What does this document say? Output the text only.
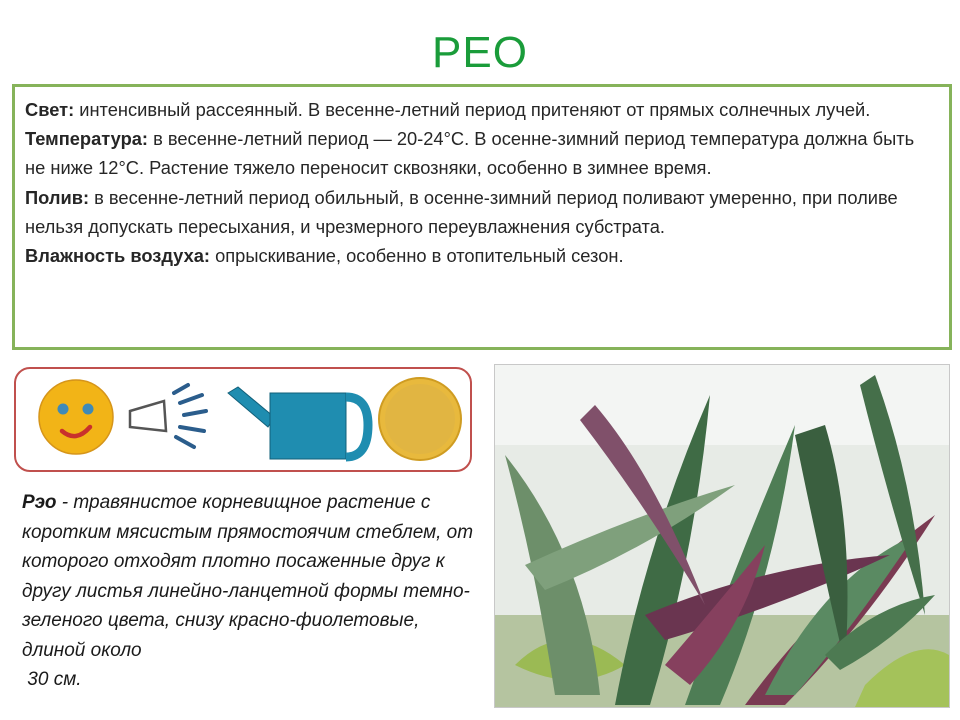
РЕО

Свет: интенсивный рассеянный. В весенне-летний период притеняют от прямых солнечных лучей.

Температура: в весенне-летний период — 20-24°С. В осенне-зимний период температура должна быть не ниже 12°С. Растение тяжело переносит сквозняки, особенно в зимнее время.

Полив: в весенне-летний период обильный, в осенне-зимний период поливают умеренно, при поливе нельзя допускать пересыхания, и чрезмерного переувлажнения субстрата.

Влажность воздуха: опрыскивание, особенно в отопительный сезон.

Рэо - травянистое корневищное растение с коротким мясистым прямостоячим стеблем, от которого отходят плотно посаженные друг к другу листья линейно-ланцетной формы темно-зеленого цвета, снизу красно-фиолетовые, длиной около
30 см.
